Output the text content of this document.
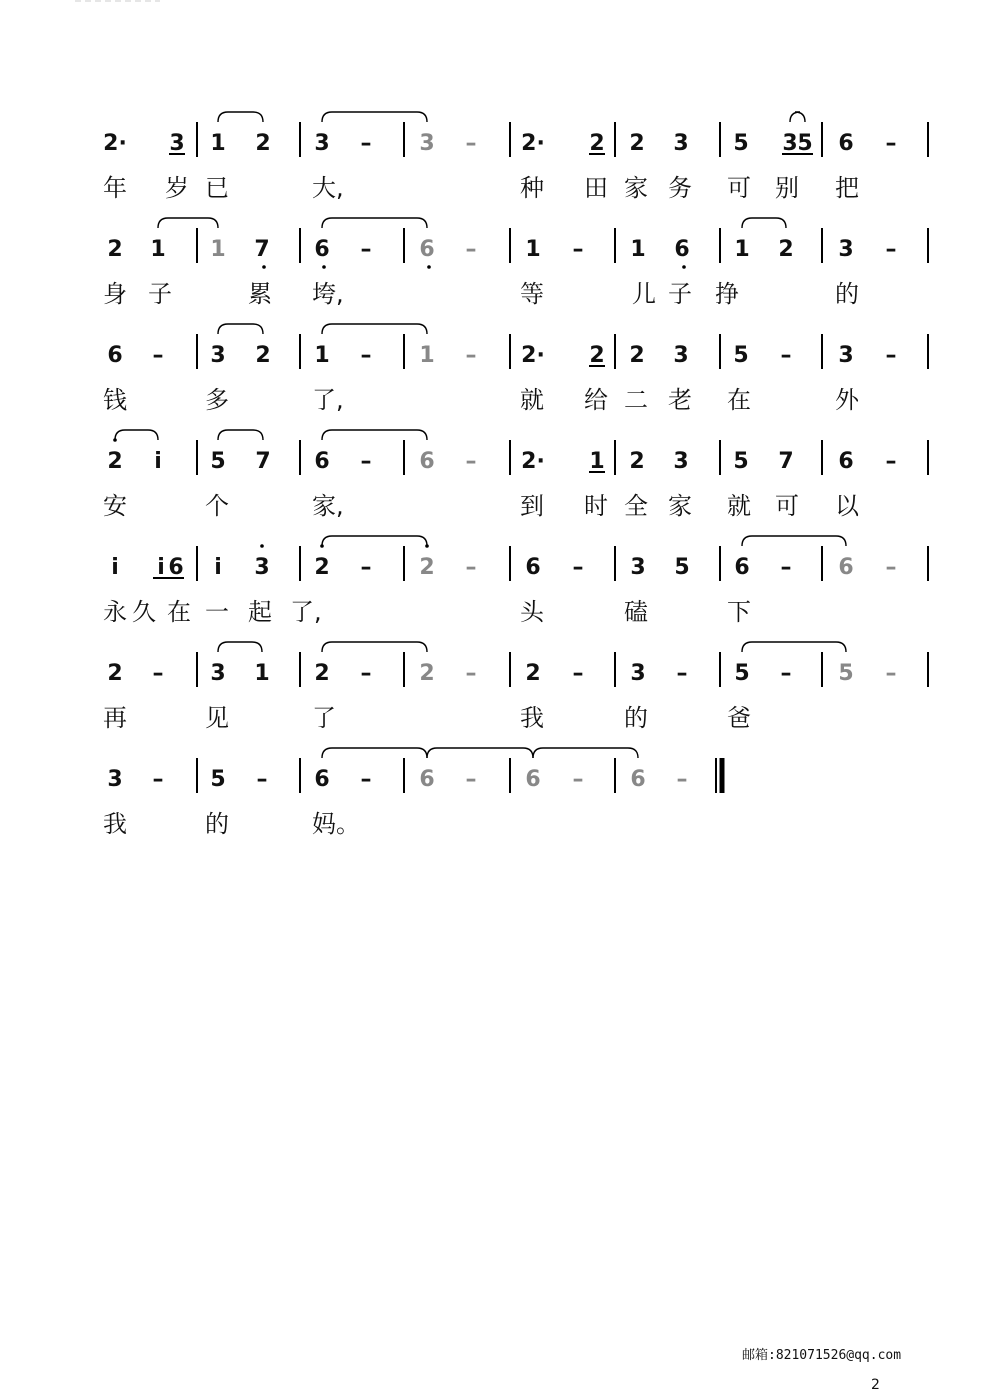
2· 3 1 2 3 – 3 – 2· 2 2 3 5 3 5 6 –
年 岁 已	大,	种 田 家 务 可 别 把
2 1 1 7 6 – 6 – 1 – 1 6 1 2 3 –
身 子	累 垮,	等	儿 子 挣	的
6 – 3 2 1 – 1 – 2· 2 2 3 5 – 3 –
钱	多	了,	就 给 二 老 在	外
2 i 5 7 6 – 6 – 2· 1 2 3 5 7 6 –
安	个	家,	到 时 全 家 就 可 以
i i 6 i 3 2 – 2 – 6 – 3 5 6 – 6 –
永 久 在 一 起 了,	头	磕	下
2 – 3 1 2 – 2 – 2 – 3 – 5 – 5 –
再	见	了	我	的	爸
3 – 5 – 6 – 6 – 6 – 6 –
我	的	妈。
邮箱:821071526@qq.com
2
